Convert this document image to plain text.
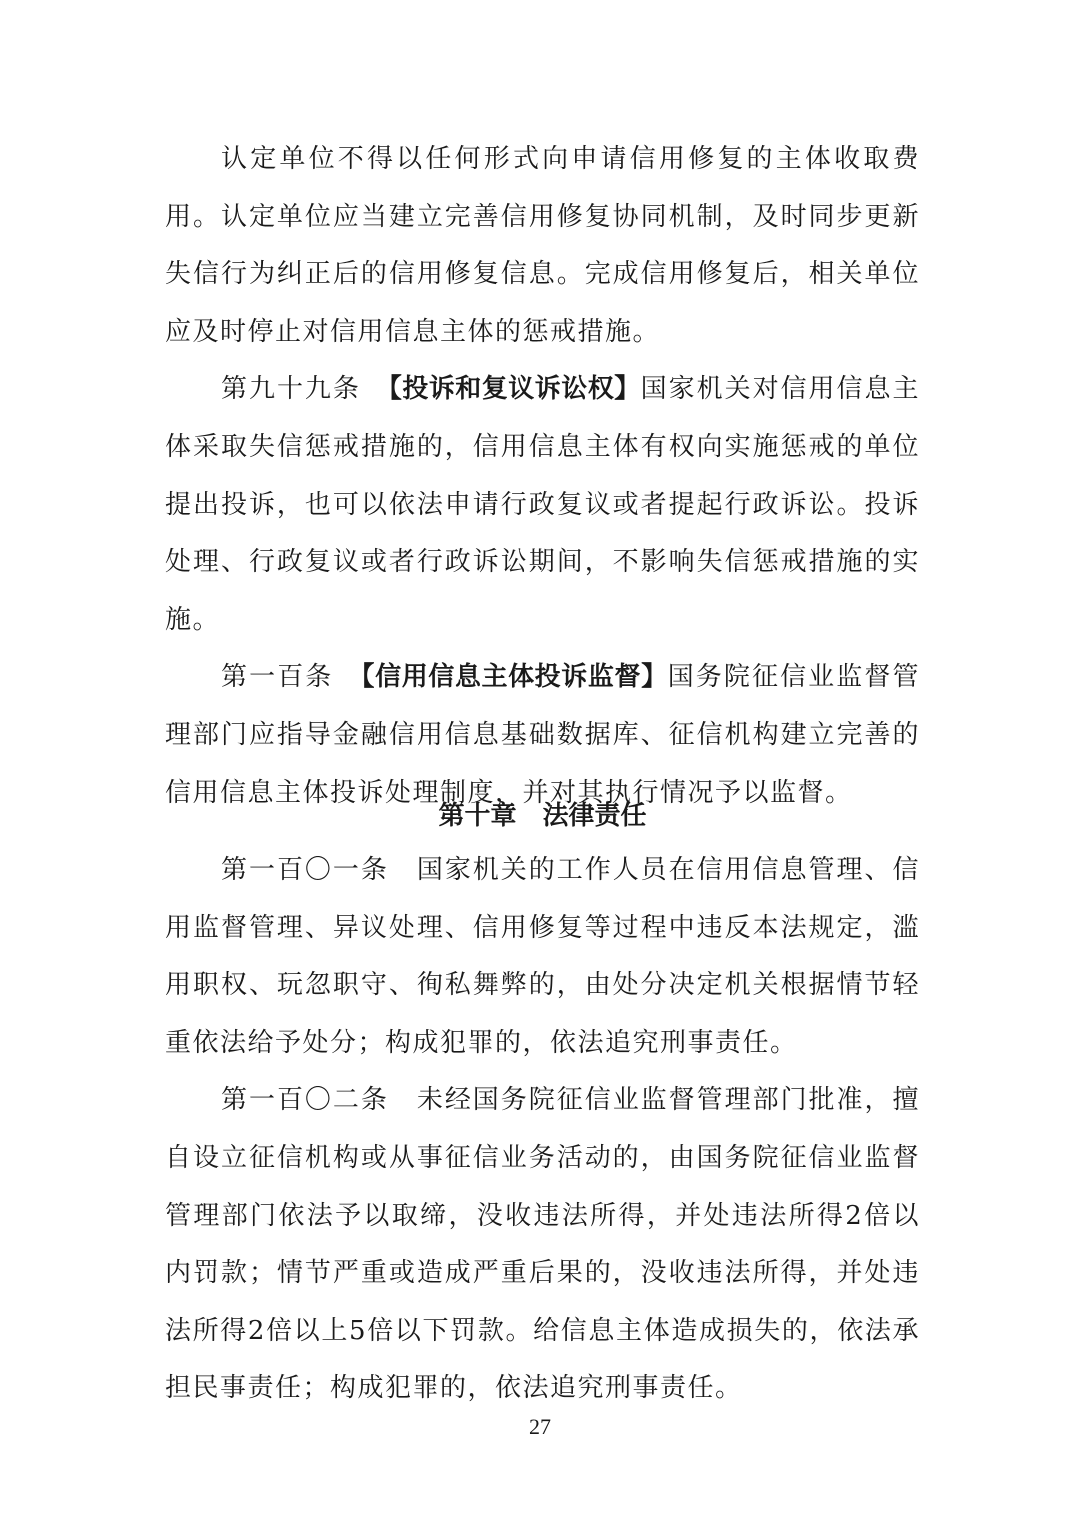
认定单位不得以任何形式向申请信用修复的主体收取费用。认定单位应当建立完善信用修复协同机制，及时同步更新失信行为纠正后的信用修复信息。完成信用修复后，相关单位应及时停止对信用信息主体的惩戒措施。

第九十九条　【投诉和复议诉讼权】国家机关对信用信息主体采取失信惩戒措施的，信用信息主体有权向实施惩戒的单位提出投诉，也可以依法申请行政复议或者提起行政诉讼。投诉处理、行政复议或者行政诉讼期间，不影响失信惩戒措施的实施。

第一百条　【信用信息主体投诉监督】国务院征信业监督管理部门应指导金融信用信息基础数据库、征信机构建立完善的信用信息主体投诉处理制度，并对其执行情况予以监督。

第十章　法律责任

第一百〇一条　国家机关的工作人员在信用信息管理、信用监督管理、异议处理、信用修复等过程中违反本法规定，滥用职权、玩忽职守、徇私舞弊的，由处分决定机关根据情节轻重依法给予处分；构成犯罪的，依法追究刑事责任。

第一百〇二条　未经国务院征信业监督管理部门批准，擅自设立征信机构或从事征信业务活动的，由国务院征信业监督管理部门依法予以取缔，没收违法所得，并处违法所得2倍以内罚款；情节严重或造成严重后果的，没收违法所得，并处违法所得2倍以上5倍以下罚款。给信息主体造成损失的，依法承担民事责任；构成犯罪的，依法追究刑事责任。

27
